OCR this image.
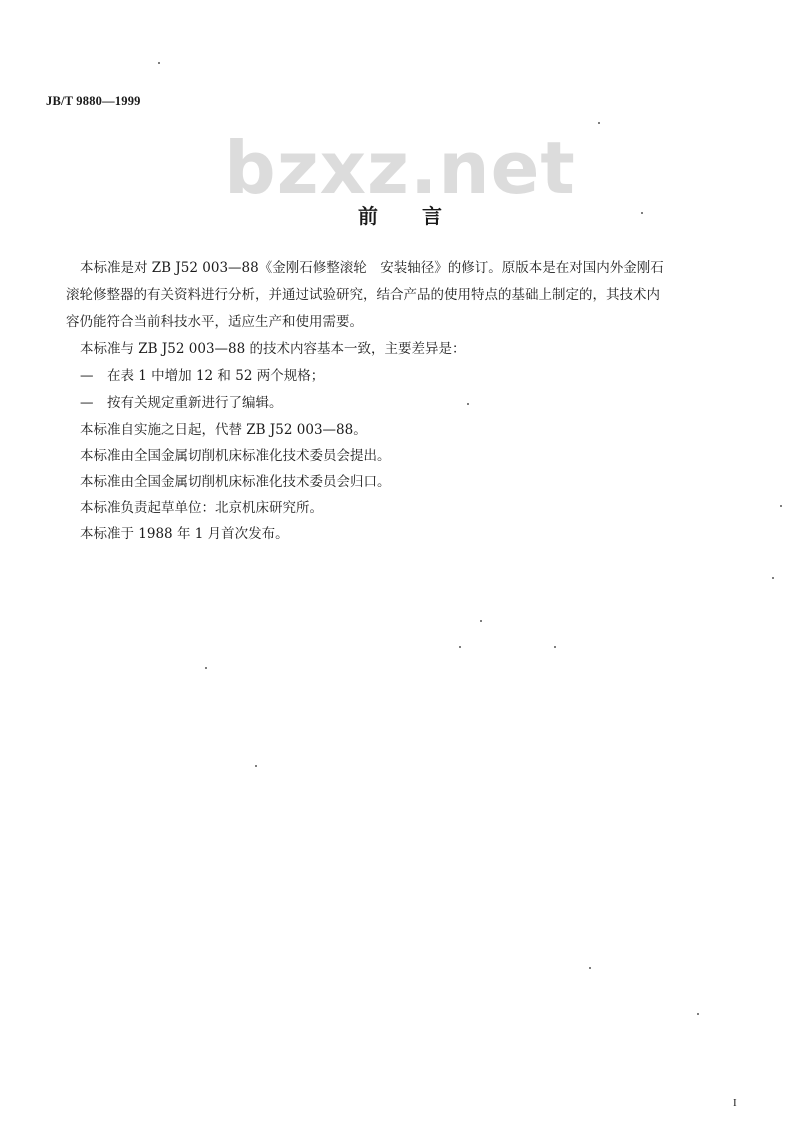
JB/T 9880—1999
bzxz.net
前言
本标准是对 ZB J52 003—88《金刚石修整滚轮　安装轴径》的修订。原版本是在对国内外金刚石
滚轮修整器的有关资料进行分析，并通过试验研究，结合产品的使用特点的基础上制定的，其技术内
容仍能符合当前科技水平，适应生产和使用需要。
本标准与 ZB J52 003—88 的技术内容基本一致，主要差异是：
—　在表 1 中增加 12 和 52 两个规格；
—　按有关规定重新进行了编辑。
本标准自实施之日起，代替 ZB J52 003—88。
本标准由全国金属切削机床标准化技术委员会提出。
本标准由全国金属切削机床标准化技术委员会归口。
本标准负责起草单位：北京机床研究所。
本标准于 1988 年 1 月首次发布。
I
